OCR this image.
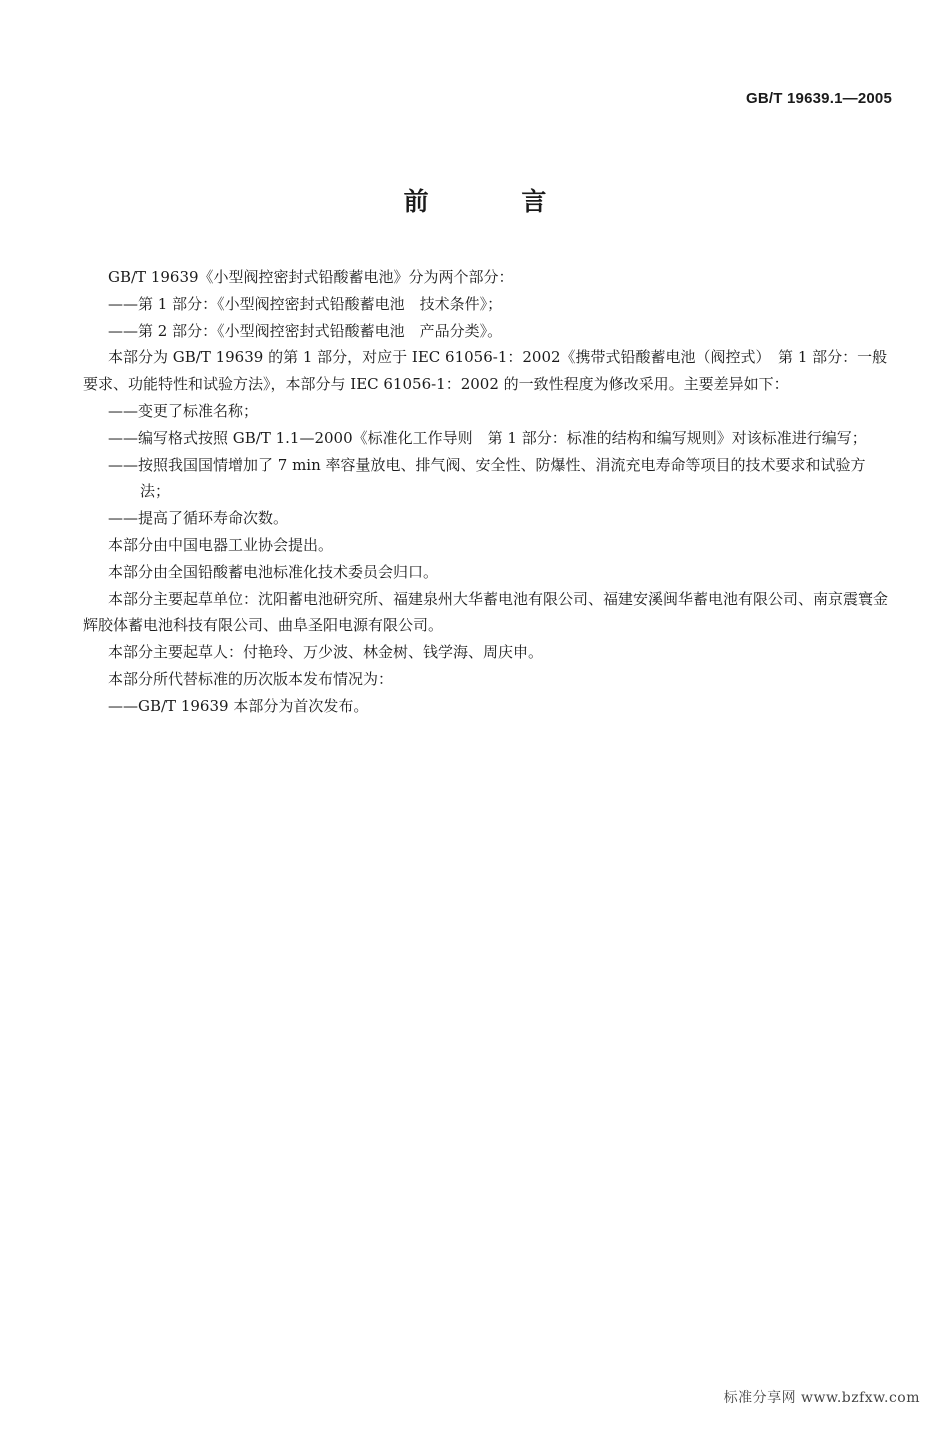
GB/T 19639.1—2005
前 言

GB/T 19639《小型阀控密封式铅酸蓄电池》分为两个部分：

——第 1 部分：《小型阀控密封式铅酸蓄电池　技术条件》；

——第 2 部分：《小型阀控密封式铅酸蓄电池　产品分类》。

本部分为 GB/T 19639 的第 1 部分，对应于 IEC 61056-1：2002《携带式铅酸蓄电池（阀控式）　第 1 部分：一般要求、功能特性和试验方法》，本部分与 IEC 61056-1：2002 的一致性程度为修改采用。主要差异如下：

——变更了标准名称；

——编写格式按照 GB/T 1.1—2000《标准化工作导则　第 1 部分：标准的结构和编写规则》对该标准进行编写；

——按照我国国情增加了 7 min 率容量放电、排气阀、安全性、防爆性、涓流充电寿命等项目的技术要求和试验方法；

——提高了循环寿命次数。

本部分由中国电器工业协会提出。

本部分由全国铅酸蓄电池标准化技术委员会归口。

本部分主要起草单位：沈阳蓄电池研究所、福建泉州大华蓄电池有限公司、福建安溪闽华蓄电池有限公司、南京震寰金辉胶体蓄电池科技有限公司、曲阜圣阳电源有限公司。

本部分主要起草人：付艳玲、万少波、林金树、钱学海、周庆申。

本部分所代替标准的历次版本发布情况为：

——GB/T 19639 本部分为首次发布。

标准分享网 www.bzfxw.com
